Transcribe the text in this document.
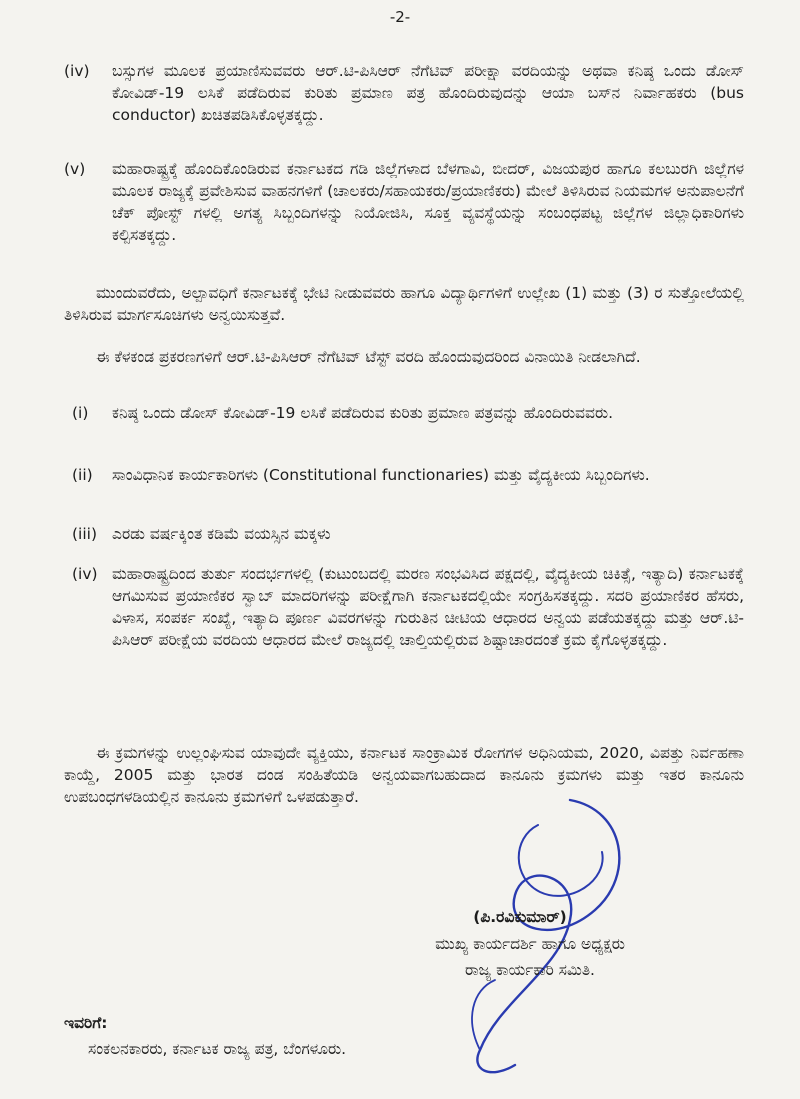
-2-
(iv) ಬಸ್ಸುಗಳ ಮೂಲಕ ಪ್ರಯಾಣಿಸುವವರು ಆರ್.ಟಿ-ಪಿಸಿಆರ್ ನೆಗೆಟಿವ್ ಪರೀಕ್ಷಾ ವರದಿಯನ್ನು ಅಥವಾ ಕನಿಷ್ಠ ಒಂದು ಡೋಸ್ ಕೋವಿಡ್-19 ಲಸಿಕೆ ಪಡೆದಿರುವ ಕುರಿತು ಪ್ರಮಾಣ ಪತ್ರ ಹೊಂದಿರುವುದನ್ನು ಆಯಾ ಬಸ್‌ನ ನಿರ್ವಾಹಕರು (bus conductor) ಖಚಿತಪಡಿಸಿಕೊಳ್ಳತಕ್ಕದ್ದು.
(v) ಮಹಾರಾಷ್ಟ್ರಕ್ಕೆ ಹೊಂದಿಕೊಂಡಿರುವ ಕರ್ನಾಟಕದ ಗಡಿ ಜಿಲ್ಲೆಗಳಾದ ಬೆಳಗಾವಿ, ಬೀದರ್, ವಿಜಯಪುರ ಹಾಗೂ ಕಲಬುರಗಿ ಜಿಲ್ಲೆಗಳ ಮೂಲಕ ರಾಜ್ಯಕ್ಕೆ ಪ್ರವೇಶಿಸುವ ವಾಹನಗಳಿಗೆ (ಚಾಲಕರು/ಸಹಾಯಕರು/ಪ್ರಯಾಣಿಕರು) ಮೇಲೆ ತಿಳಿಸಿರುವ ನಿಯಮಗಳ ಅನುಪಾಲನೆಗೆ ಚೆಕ್ ಪೋಸ್ಟ್ ಗಳಲ್ಲಿ ಅಗತ್ಯ ಸಿಬ್ಬಂದಿಗಳನ್ನು ನಿಯೋಜಿಸಿ, ಸೂಕ್ತ ವ್ಯವಸ್ಥೆಯನ್ನು ಸಂಬಂಧಪಟ್ಟ ಜಿಲ್ಲೆಗಳ ಜಿಲ್ಲಾಧಿಕಾರಿಗಳು ಕಲ್ಪಿಸತಕ್ಕದ್ದು.
ಮುಂದುವರೆದು, ಅಲ್ಪಾವಧಿಗೆ ಕರ್ನಾಟಕಕ್ಕೆ ಭೇಟಿ ನೀಡುವವರು ಹಾಗೂ ವಿದ್ಯಾರ್ಥಿಗಳಿಗೆ ಉಲ್ಲೇಖ (1) ಮತ್ತು (3) ರ ಸುತ್ತೋಲೆಯಲ್ಲಿ ತಿಳಿಸಿರುವ ಮಾರ್ಗಸೂಚಿಗಳು ಅನ್ವಯಿಸುತ್ತವೆ.
ಈ ಕೆಳಕಂಡ ಪ್ರಕರಣಗಳಿಗೆ ಆರ್.ಟಿ-ಪಿಸಿಆರ್ ನೆಗೆಟಿವ್ ಟೆಸ್ಟ್ ವರದಿ ಹೊಂದುವುದರಿಂದ ವಿನಾಯಿತಿ ನೀಡಲಾಗಿದೆ.
(i) ಕನಿಷ್ಠ ಒಂದು ಡೋಸ್ ಕೋವಿಡ್-19 ಲಸಿಕೆ ಪಡೆದಿರುವ ಕುರಿತು ಪ್ರಮಾಣ ಪತ್ರವನ್ನು ಹೊಂದಿರುವವರು.
(ii) ಸಾಂವಿಧಾನಿಕ ಕಾರ್ಯಕಾರಿಗಳು (Constitutional functionaries) ಮತ್ತು ವೈದ್ಯಕೀಯ ಸಿಬ್ಬಂದಿಗಳು.
(iii) ಎರಡು ವರ್ಷಕ್ಕಿಂತ ಕಡಿಮೆ ವಯಸ್ಸಿನ ಮಕ್ಕಳು
(iv) ಮಹಾರಾಷ್ಟ್ರದಿಂದ ತುರ್ತು ಸಂದರ್ಭಗಳಲ್ಲಿ (ಕುಟುಂಬದಲ್ಲಿ ಮರಣ ಸಂಭವಿಸಿದ ಪಕ್ಷದಲ್ಲಿ, ವೈದ್ಯಕೀಯ ಚಿಕಿತ್ಸೆ, ಇತ್ಯಾದಿ) ಕರ್ನಾಟಕಕ್ಕೆ ಆಗಮಿಸುವ ಪ್ರಯಾಣಿಕರ ಸ್ವಾಬ್ ಮಾದರಿಗಳನ್ನು ಪರೀಕ್ಷೆಗಾಗಿ ಕರ್ನಾಟಕದಲ್ಲಿಯೇ ಸಂಗ್ರಹಿಸತಕ್ಕದ್ದು. ಸದರಿ ಪ್ರಯಾಣಿಕರ ಹೆಸರು, ವಿಳಾಸ, ಸಂಪರ್ಕ ಸಂಖ್ಯೆ, ಇತ್ಯಾದಿ ಪೂರ್ಣ ವಿವರಗಳನ್ನು ಗುರುತಿನ ಚೀಟಿಯ ಆಧಾರದ ಅನ್ವಯ ಪಡೆಯತಕ್ಕದ್ದು ಮತ್ತು ಆರ್.ಟಿ-ಪಿಸಿಆರ್ ಪರೀಕ್ಷೆಯ ವರದಿಯ ಆಧಾರದ ಮೇಲೆ ರಾಜ್ಯದಲ್ಲಿ ಚಾಲ್ತಿಯಲ್ಲಿರುವ ಶಿಷ್ಟಾಚಾರದಂತೆ ಕ್ರಮ ಕೈಗೊಳ್ಳತಕ್ಕದ್ದು.
ಈ ಕ್ರಮಗಳನ್ನು ಉಲ್ಲಂಘಿಸುವ ಯಾವುದೇ ವ್ಯಕ್ತಿಯು, ಕರ್ನಾಟಕ ಸಾಂಕ್ರಾಮಿಕ ರೋಗಗಳ ಅಧಿನಿಯಮ, 2020, ವಿಪತ್ತು ನಿರ್ವಹಣಾ ಕಾಯ್ದೆ, 2005 ಮತ್ತು ಭಾರತ ದಂಡ ಸಂಹಿತೆಯಡಿ ಅನ್ವಯವಾಗಬಹುದಾದ ಕಾನೂನು ಕ್ರಮಗಳು ಮತ್ತು ಇತರ ಕಾನೂನು ಉಪಬಂಧಗಳಡಿಯಲ್ಲಿನ ಕಾನೂನು ಕ್ರಮಗಳಿಗೆ ಒಳಪಡುತ್ತಾರೆ.
(ಪಿ.ರವಿಕುಮಾರ್)
ಮುಖ್ಯ ಕಾರ್ಯದರ್ಶಿ ಹಾಗೂ ಅಧ್ಯಕ್ಷರು
ರಾಜ್ಯ ಕಾರ್ಯಕಾರಿ ಸಮಿತಿ.
ಇವರಿಗೆ:
ಸಂಕಲನಕಾರರು, ಕರ್ನಾಟಕ ರಾಜ್ಯ ಪತ್ರ, ಬೆಂಗಳೂರು.
